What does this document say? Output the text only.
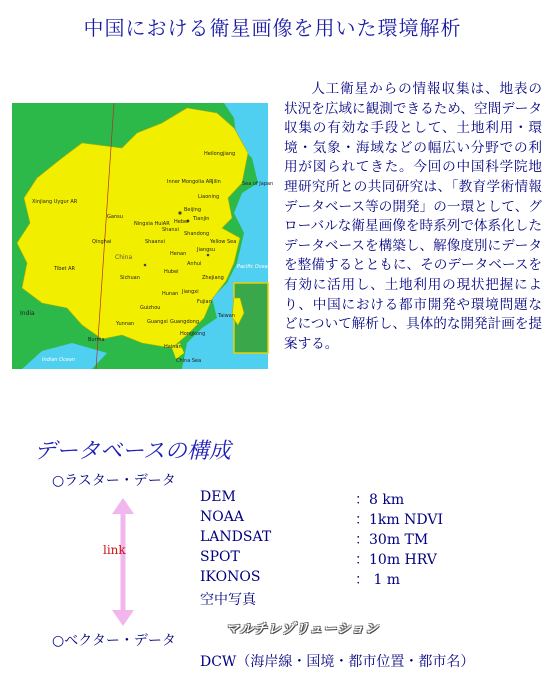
中国における衛星画像を用いた環境解析
Heilongjiang
Jilin
Liaoning
Inner Mongolia AR
Beijing
Tianjin
Hebei
Shanxi
Shandong
Xinjiang Uygur AR
Gansu
Ningxia HuiAR
Qinghai	Shaanxi
Henan
Jiangsu
Anhui
China
Tibet AR
Sichuan
Hubei
Zhejiang
Hunan Jiangxi
Guizhou
Fujian
Yunnan	Guangxi Guangdong
Taiwan
Hainan
India
Burma
Hongkong
China Sea
Yellow Sea
Sea of Japan
Pacific Ocean
Indian Ocean
人工衛星からの情報収集は、地表の状況を広域に観測できるため、空間データ収集の有効な手段として、土地利用・環境・気象・海域などの幅広い分野での利用が図られてきた。今回の中国科学院地理研究所との共同研究は、「教育学術情報データベース等の開発」の一環として、グローバルな衛星画像を時系列で体系化したデータベースを構築し、解像度別にデータを整備するとともに、そのデータベースを有効に活用し、土地利用の現状把握により、中国における都市開発や環境問題などについて解析し、具体的な開発計画を提案する。
データベースの構成
○ラスター・データ
link
DEM	：8 km
NOAA	：1km NDVI
LANDSAT	：30m TM
SPOT	：10m HRV
IKONOS	： 1 m
空中写真
マルチレゾリューション
○ベクター・データ
DCW（海岸線・国境・都市位置・都市名）
